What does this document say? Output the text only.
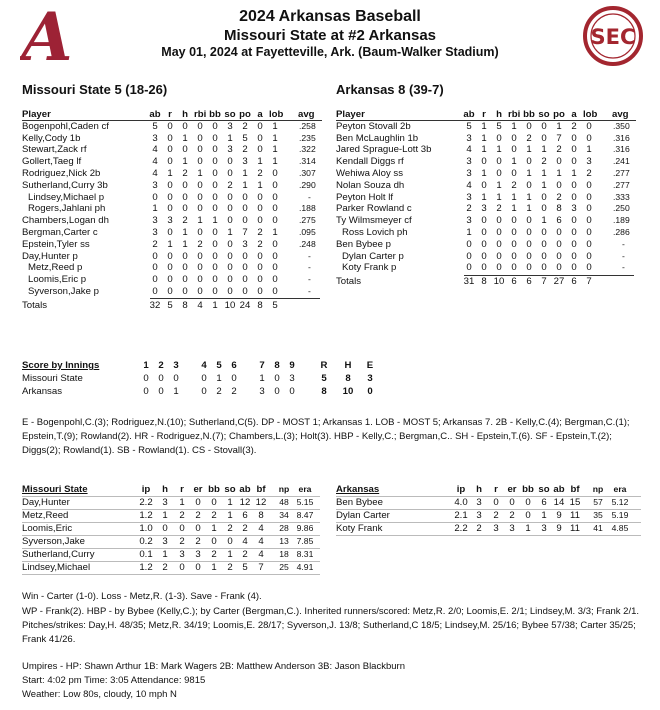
A	SEC
2024 Arkansas Baseball
Missouri State at #2 Arkansas
May 01, 2024 at Fayetteville, Ark. (Baum-Walker Stadium)
Missouri State 5 (18-26)	Arkansas 8 (39-7)
Player	ab r	h rbi bb so po a lob avg
Bogenpohl,Caden cf	5	0	0	0	0	3	2	0	1	.258
Kelly,Cody 1b	3	0	1	0	0	1	5	0	1	.235
Stewart,Zack rf	4	0	0	0	0	3	2	0	1	.322
Gollert,Taeg lf	4	0	1	0	0	0	3	1	1	.314
Rodriguez,Nick 2b	4	1	2	1	0	0	1	2	0	.307
Sutherland,Curry 3b	3	0	0	0	0	2	1	1	0	.290
Lindsey,Michael p	0	0	0	0	0	0	0	0	0	-
Rogers,Jahlani ph	1	0	0	0	0	0	0	0	0	.188
Chambers,Logan dh	3	3	2	1	1	0	0	0	0	.275
Bergman,Carter c	3	0	1	0	0	1	7	2	1	.095
Epstein,Tyler ss	2	1	1	2	0	0	3	2	0	.248
Day,Hunter p	0	0	0	0	0	0	0	0	0	-
Metz,Reed p	0	0	0	0	0	0	0	0	0	-
Loomis,Eric p	0	0	0	0	0	0	0	0	0	-
Syverson,Jake p	0	0	0	0	0	0	0	0	0	-
Totals	32 5	8	4	1 10 24 8	5
Player	ab r	h rbi bb so po a lob avg
Peyton Stovall 2b	5	1	5	1	0	0	1	2	0	.350
Ben McLaughlin 1b	3	1	0	0	2	0	7	0	0	.316
Jared Sprague-Lott 3b	4	1	1	0	1	1	2	0	1	.316
Kendall Diggs rf	3	0	0	1	0	2	0	0	3	.241
Wehiwa Aloy ss	3	1	0	0	1	1	1	1	2	.277
Nolan Souza dh	4	0	1	2	0	1	0	0	0	.277
Peyton Holt lf	3	1	1	1	1	0	2	0	0	.333
Parker Rowland c	2	3	2	1	1	0	8	3	0	.250
Ty Wilmsmeyer cf	3	0	0	0	0	1	6	0	0	.189
Ross Lovich ph	1	0	0	0	0	0	0	0	0	.286
Ben Bybee p	0	0	0	0	0	0	0	0	0	-
Dylan Carter p	0	0	0	0	0	0	0	0	0	-
Koty Frank p	0	0	0	0	0	0	0	0	0	-
Totals	31 8 10 6	6	7 27 6	7
Score by Innings	1	2	3	4	5	6	7	8	9	R H E
Missouri State	0	0	0	0	1	0	1	0	3	5	8	3
Arkansas	0	0	1	0	2	2	3	0	0	8	10	0
E - Bogenpohl,C.(3); Rodriguez,N.(10); Sutherland,C(5). DP - MOST 1; Arkansas 1. LOB - MOST 5; Arkansas 7. 2B - Kelly,C.(4); Bergman,C.(1); Epstein,T.(9); Rowland(2). HR - Rodriguez,N.(7); Chambers,L.(3); Holt(3). HBP - Kelly,C.; Bergman,C.. SH - Epstein,T.(6). SF - Epstein,T.(2); Diggs(2); Rowland(1). SB - Rowland(1). CS - Stovall(3).
Missouri State	ip	h	r er bb so ab bf	np	era
Day,Hunter	2.2	3	1	0	0	1 12 12	48 5.15
Metz,Reed	1.2	1	2	2	2	1	6	8	34 8.47
Loomis,Eric	1.0	0	0	0	1	2	2	4	28 9.86
Syverson,Jake	0.2	3	2	2	0	0	4	4	13 7.85
Sutherland,Curry	0.1	1	3	3	2	1	2	4	18 8.31
Lindsey,Michael	1.2	2	0	0	1	2	5	7	25 4.91
Arkansas	ip	h	r er bb so ab bf	np	era
Ben Bybee	4.0 3	0	0	0	6 14 15	57	5.12
Dylan Carter	2.1 3	2	2	0	1	9 11	35	5.19
Koty Frank	2.2 2	3	3	1	3	9 11	41	4.85
Win - Carter (1-0). Loss - Metz,R. (1-3). Save - Frank (4).
WP - Frank(2). HBP - by Bybee (Kelly,C.); by Carter (Bergman,C.). Inherited runners/scored: Metz,R. 2/0; Loomis,E. 2/1; Lindsey,M. 3/3; Frank 2/1. Pitches/strikes: Day,H. 48/35; Metz,R. 34/19; Loomis,E. 28/17; Syverson,J. 13/8; Sutherland,C 18/5; Lindsey,M. 25/16; Bybee 57/38; Carter 35/25; Frank 41/26.
Umpires - HP: Shawn Arthur 1B: Mark Wagers 2B: Matthew Anderson 3B: Jason Blackburn
Start: 4:02 pm Time: 3:05 Attendance: 9815
Weather: Low 80s, cloudy, 10 mph N
